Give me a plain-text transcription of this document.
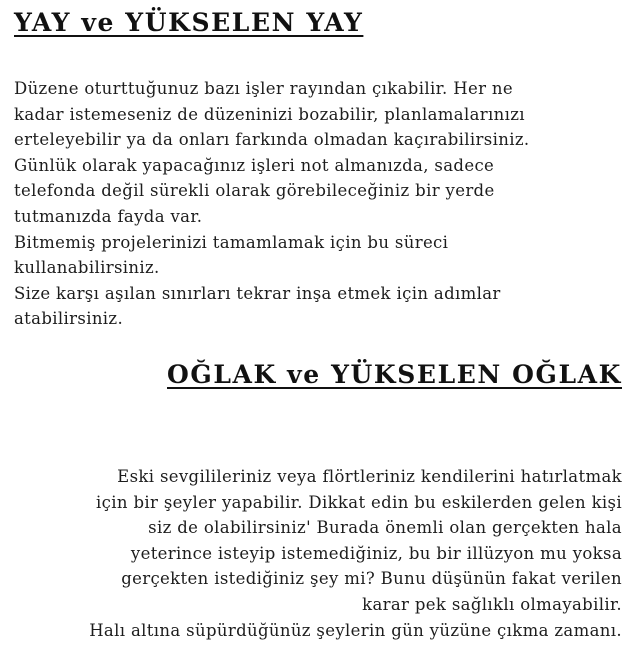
YAY ve YÜKSELEN YAY

Düzene oturttuğunuz bazı işler rayından çıkabilir. Her ne
kadar istemeseniz de düzeninizi bozabilir, planlamalarınızı
erteleyebilir ya da onları farkında olmadan kaçırabilirsiniz.
Günlük olarak yapacağınız işleri not almanızda, sadece
telefonda değil sürekli olarak görebileceğiniz bir yerde
tutmanızda fayda var.
Bitmemiş projelerinizi tamamlamak için bu süreci
kullanabilirsiniz.
Size karşı aşılan sınırları tekrar inşa etmek için adımlar
atabilirsiniz.

OĞLAK ve YÜKSELEN OĞLAK

Eski sevgilileriniz veya flörtleriniz kendilerini hatırlatmak
için bir şeyler yapabilir. Dikkat edin bu eskilerden gelen kişi
siz de olabilirsiniz' Burada önemli olan gerçekten hala
yeterince isteyip istemediğiniz, bu bir illüzyon mu yoksa
gerçekten istediğiniz şey mi? Bunu düşünün fakat verilen
karar pek sağlıklı olmayabilir.
Halı altına süpürdüğünüz şeylerin gün yüzüne çıkma zamanı.
